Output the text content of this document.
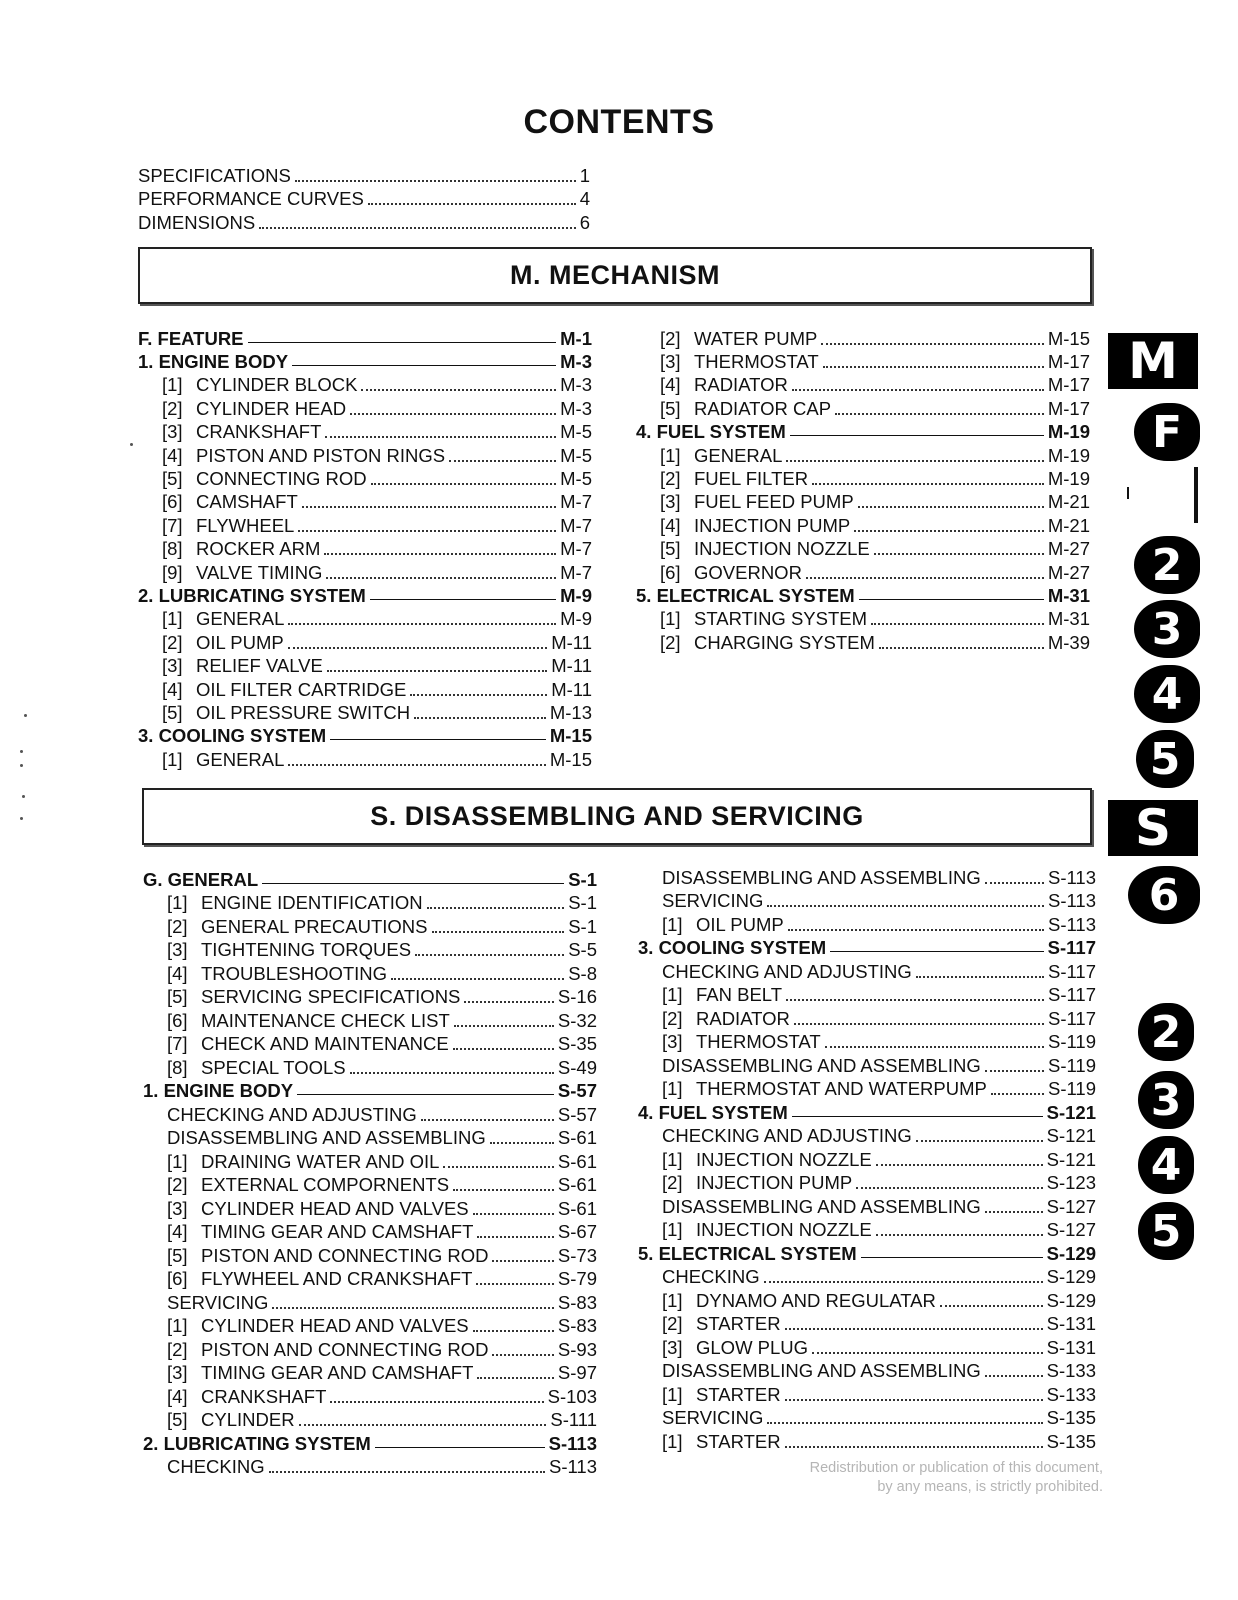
CONTENTS
SPECIFICATIONS	1
PERFORMANCE CURVES	4
DIMENSIONS	6
M. MECHANISM
F. FEATURE	M-1
1. ENGINE BODY	M-3
[1] CYLINDER BLOCK	M-3
[2] CYLINDER HEAD	M-3
[3] CRANKSHAFT	M-5
[4] PISTON AND PISTON RINGS	M-5
[5] CONNECTING ROD	M-5
[6] CAMSHAFT	M-7
[7] FLYWHEEL	M-7
[8] ROCKER ARM	M-7
[9] VALVE TIMING	M-7
2. LUBRICATING SYSTEM	M-9
[1] GENERAL	M-9
[2] OIL PUMP	M-11
[3] RELIEF VALVE	M-11
[4] OIL FILTER CARTRIDGE	M-11
[5] OIL PRESSURE SWITCH	M-13
3. COOLING SYSTEM	M-15
[1] GENERAL	M-15
[2] WATER PUMP	M-15
[3] THERMOSTAT	M-17
[4] RADIATOR	M-17
[5] RADIATOR CAP	M-17
4. FUEL SYSTEM	M-19
[1] GENERAL	M-19
[2] FUEL FILTER	M-19
[3] FUEL FEED PUMP	M-21
[4] INJECTION PUMP	M-21
[5] INJECTION NOZZLE	M-27
[6] GOVERNOR	M-27
5. ELECTRICAL SYSTEM	M-31
[1] STARTING SYSTEM	M-31
[2] CHARGING SYSTEM	M-39
S. DISASSEMBLING AND SERVICING
G. GENERAL	S-1
[1] ENGINE IDENTIFICATION	S-1
[2] GENERAL PRECAUTIONS	S-1
[3] TIGHTENING TORQUES	S-5
[4] TROUBLESHOOTING	S-8
[5] SERVICING SPECIFICATIONS	S-16
[6] MAINTENANCE CHECK LIST	S-32
[7] CHECK AND MAINTENANCE	S-35
[8] SPECIAL TOOLS	S-49
1. ENGINE BODY	S-57
CHECKING AND ADJUSTING	S-57
DISASSEMBLING AND ASSEMBLING	S-61
[1] DRAINING WATER AND OIL	S-61
[2] EXTERNAL COMPORNENTS	S-61
[3] CYLINDER HEAD AND VALVES	S-61
[4] TIMING GEAR AND CAMSHAFT	S-67
[5] PISTON AND CONNECTING ROD	S-73
[6] FLYWHEEL AND CRANKSHAFT	S-79
SERVICING	S-83
[1] CYLINDER HEAD AND VALVES	S-83
[2] PISTON AND CONNECTING ROD	S-93
[3] TIMING GEAR AND CAMSHAFT	S-97
[4] CRANKSHAFT	S-103
[5] CYLINDER	S-111
2. LUBRICATING SYSTEM	S-113
CHECKING	S-113
DISASSEMBLING AND ASSEMBLING	S-113
SERVICING	S-113
[1] OIL PUMP	S-113
3. COOLING SYSTEM	S-117
CHECKING AND ADJUSTING	S-117
[1] FAN BELT	S-117
[2] RADIATOR	S-117
[3] THERMOSTAT	S-119
DISASSEMBLING AND ASSEMBLING	S-119
[1] THERMOSTAT AND WATERPUMP	S-119
4. FUEL SYSTEM	S-121
CHECKING AND ADJUSTING	S-121
[1] INJECTION NOZZLE	S-121
[2] INJECTION PUMP	S-123
DISASSEMBLING AND ASSEMBLING	S-127
[1] INJECTION NOZZLE	S-127
5. ELECTRICAL SYSTEM	S-129
CHECKING	S-129
[1] DYNAMO AND REGULATAR	S-129
[2] STARTER	S-131
[3] GLOW PLUG	S-131
DISASSEMBLING AND ASSEMBLING	S-133
[1] STARTER	S-133
SERVICING	S-135
[1] STARTER	S-135
M
F
2
3
4
5
S
6
2
3
4
5
Redistribution or publication of this document,
by any means, is strictly prohibited.
